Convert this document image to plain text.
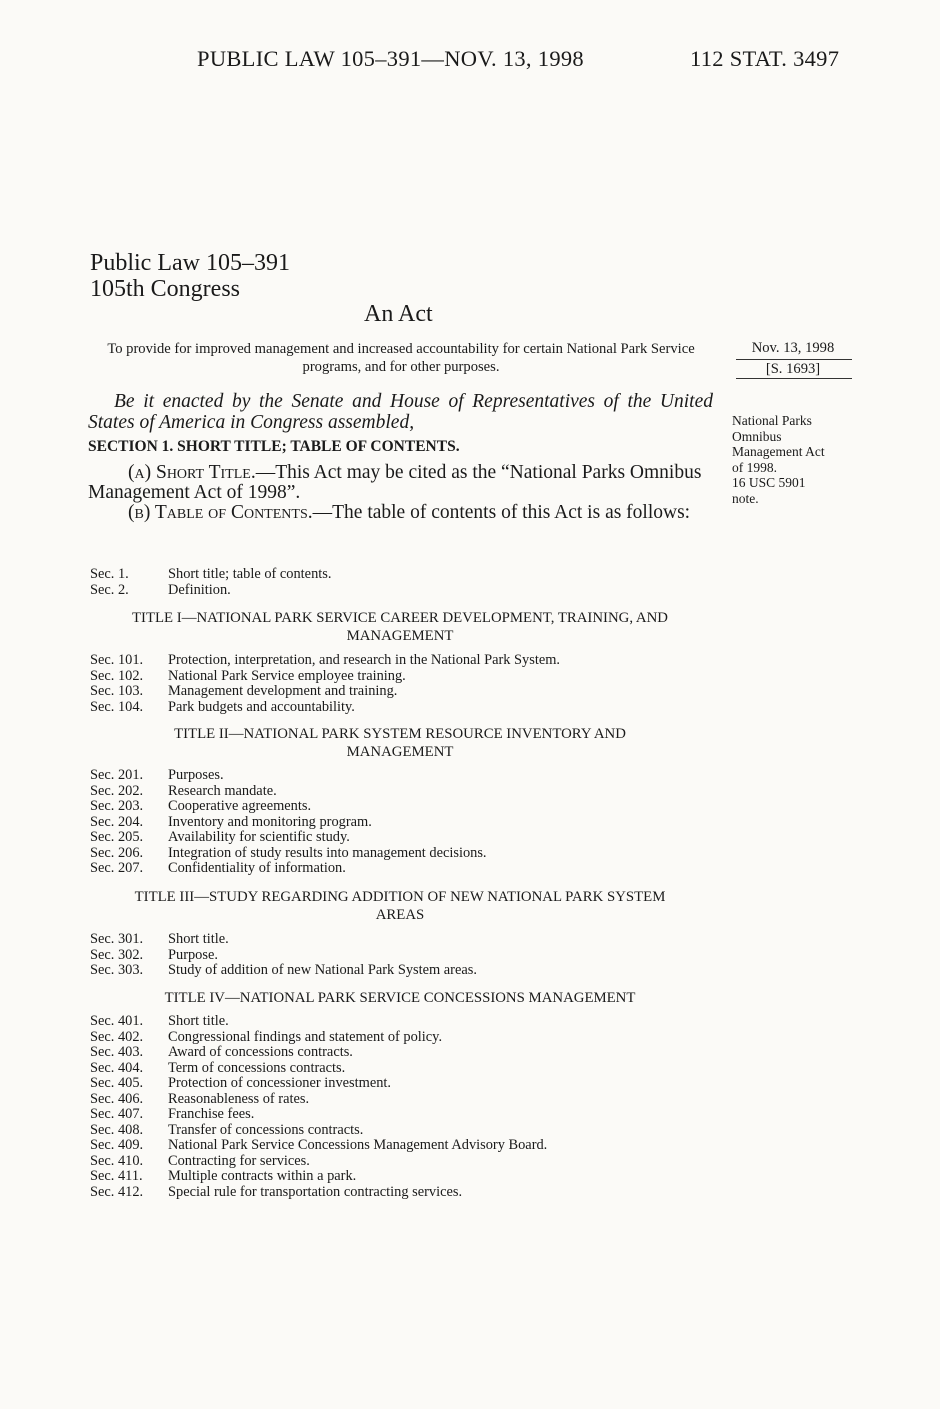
PUBLIC LAW 105–391—NOV. 13, 1998	112 STAT. 3497
Public Law 105–391
105th Congress
An Act
To provide for improved management and increased accountability for certain National Park Service programs, and for other purposes.
Nov. 13, 1998
[S. 1693]
Be it enacted by the Senate and House of Representatives of the United States of America in Congress assembled,	National Parks
Omnibus
Management Act
of 1998.
16 USC 5901
note.
SECTION 1. SHORT TITLE; TABLE OF CONTENTS.
(a) Short Title.—This Act may be cited as the “National Parks Omnibus Management Act of 1998”.
(b) Table of Contents.—The table of contents of this Act is as follows:
Sec. 1.	Short title; table of contents.
Sec. 2.	Definition.
TITLE I—NATIONAL PARK SERVICE CAREER DEVELOPMENT, TRAINING, AND MANAGEMENT
Sec. 101.	Protection, interpretation, and research in the National Park System.
Sec. 102.	National Park Service employee training.
Sec. 103.	Management development and training.
Sec. 104.	Park budgets and accountability.
TITLE II—NATIONAL PARK SYSTEM RESOURCE INVENTORY AND MANAGEMENT
Sec. 201.	Purposes.
Sec. 202.	Research mandate.
Sec. 203.	Cooperative agreements.
Sec. 204.	Inventory and monitoring program.
Sec. 205.	Availability for scientific study.
Sec. 206.	Integration of study results into management decisions.
Sec. 207.	Confidentiality of information.
TITLE III—STUDY REGARDING ADDITION OF NEW NATIONAL PARK SYSTEM AREAS
Sec. 301.	Short title.
Sec. 302.	Purpose.
Sec. 303.	Study of addition of new National Park System areas.
TITLE IV—NATIONAL PARK SERVICE CONCESSIONS MANAGEMENT
Sec. 401.	Short title.
Sec. 402.	Congressional findings and statement of policy.
Sec. 403.	Award of concessions contracts.
Sec. 404.	Term of concessions contracts.
Sec. 405.	Protection of concessioner investment.
Sec. 406.	Reasonableness of rates.
Sec. 407.	Franchise fees.
Sec. 408.	Transfer of concessions contracts.
Sec. 409.	National Park Service Concessions Management Advisory Board.
Sec. 410.	Contracting for services.
Sec. 411.	Multiple contracts within a park.
Sec. 412.	Special rule for transportation contracting services.
